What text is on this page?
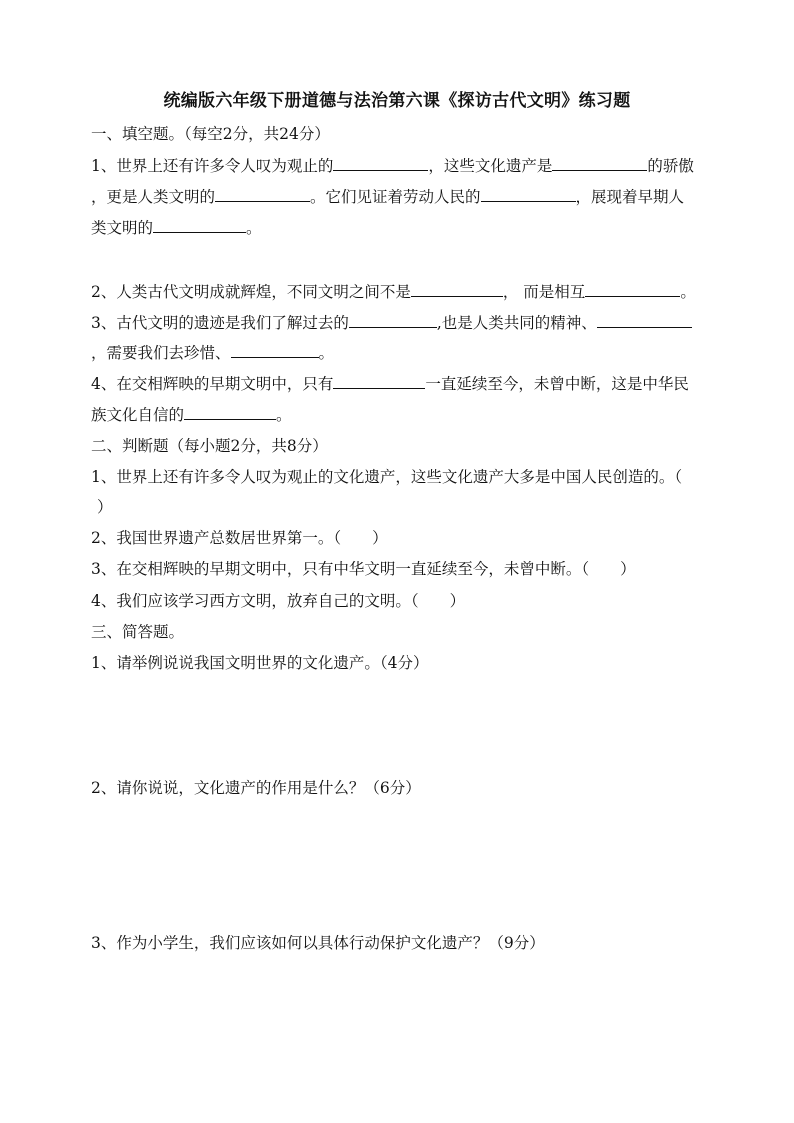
统编版六年级下册道德与法治第六课《探访古代文明》练习题
一、填空题。（每空2分，共24分）
1、世界上还有许多令人叹为观止的	，这些文化遗产是	的骄傲
，更是人类文明的	。它们见证着劳动人民的	，展现着早期人
类文明的	。
2、人类古代文明成就辉煌，不同文明之间不是	， 而是相互	。
3、古代文明的遗迹是我们了解过去的	,也是人类共同的精神、
，需要我们去珍惜、	。
4、在交相辉映的早期文明中，只有	一直延续至今，未曾中断，这是中华民
族文化自信的	。
二、判断题（每小题2分，共8分）
1、世界上还有许多令人叹为观止的文化遗产，这些文化遗产大多是中国人民创造的。（
）
2、我国世界遗产总数居世界第一。（　　）
3、在交相辉映的早期文明中，只有中华文明一直延续至今，未曾中断。（　　）
4、我们应该学习西方文明，放弃自己的文明。（　　）
三、简答题。
1、请举例说说我国文明世界的文化遗产。（4分）
2、请你说说，文化遗产的作用是什么？（6分）
3、作为小学生，我们应该如何以具体行动保护文化遗产？（9分）
